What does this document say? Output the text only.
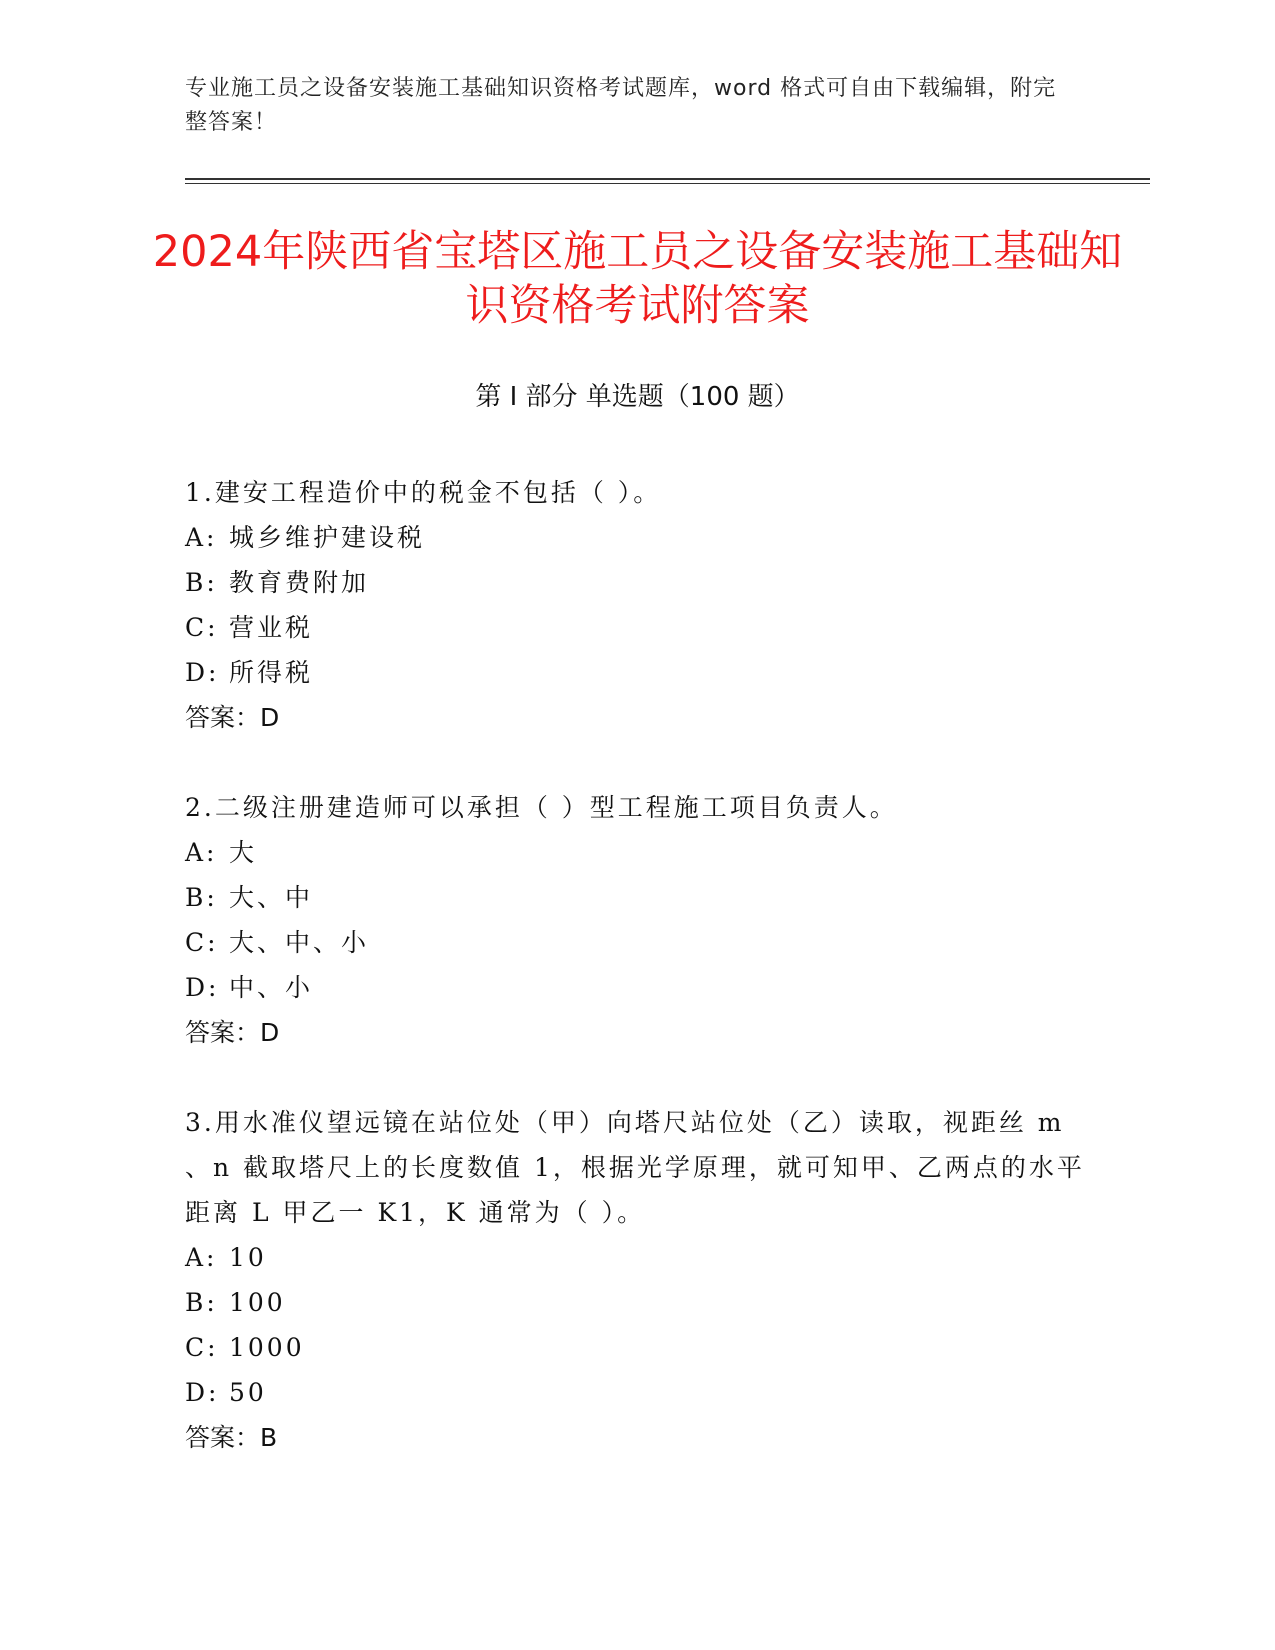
专业施工员之设备安装施工基础知识资格考试题库，word 格式可自由下载编辑，附完整答案！
2024年陕西省宝塔区施工员之设备安装施工基础知识资格考试附答案
第 I 部分 单选题（100 题）
1.建安工程造价中的税金不包括（ ）。
A: 城乡维护建设税
B: 教育费附加
C: 营业税
D: 所得税
答案：D
2.二级注册建造师可以承担（ ）型工程施工项目负责人。
A: 大
B: 大、中
C: 大、中、小
D: 中、小
答案：D
3.用水准仪望远镜在站位处（甲）向塔尺站位处（乙）读取，视距丝 m 、n 截取塔尺上的长度数值 1，根据光学原理，就可知甲、乙两点的水平距离 L 甲乙一 K1，K 通常为（ ）。
A: 10
B: 100
C: 1000
D: 50
答案：B
